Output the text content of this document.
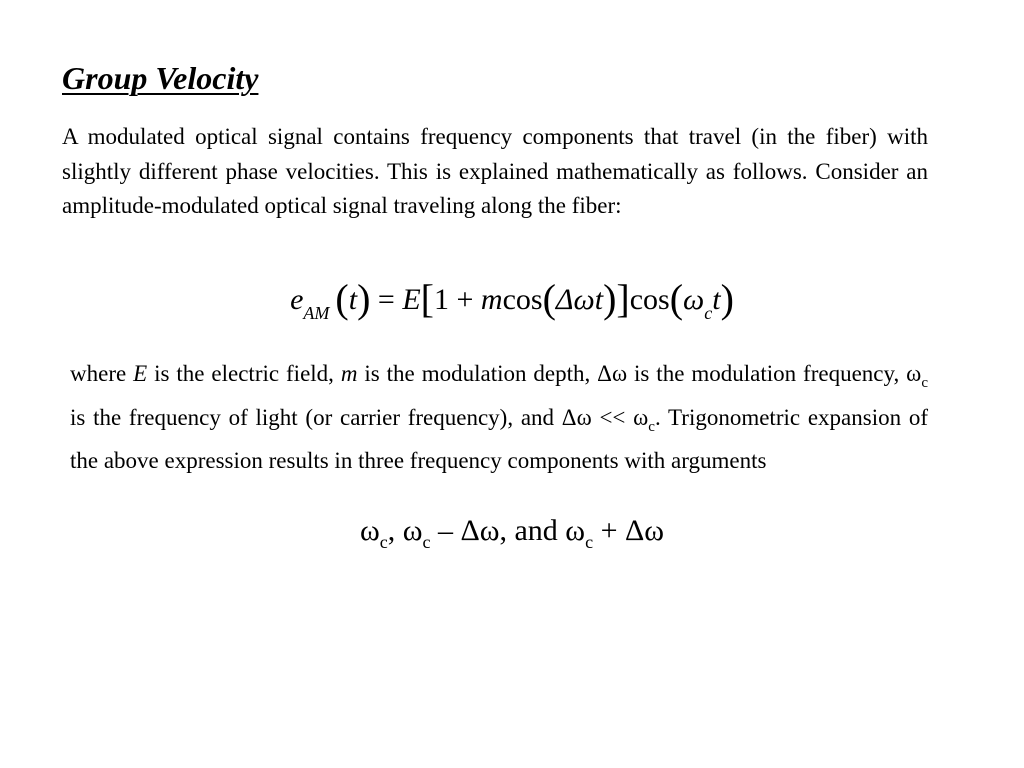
Group Velocity

A modulated optical signal contains frequency components that travel (in the fiber) with slightly different phase velocities. This is explained mathematically as follows. Consider an amplitude-modulated optical signal traveling along the fiber:

$e_{AM}$ $(t) = E[1 + mcos(\Delta\omega t)]\cos(\omega_ct)$

where E is the electric field, m is the modulation depth, Δω is the modulation frequency, $\omega_c$ is the frequency of light (or carrier frequency), and $\Delta\omega << \omega_c$. Trigonometric expansion of the above expression results in three frequency components with arguments

$\omega_c$, $\omega_c$ – Δω, and $\omega_c + \Delta\omega$
